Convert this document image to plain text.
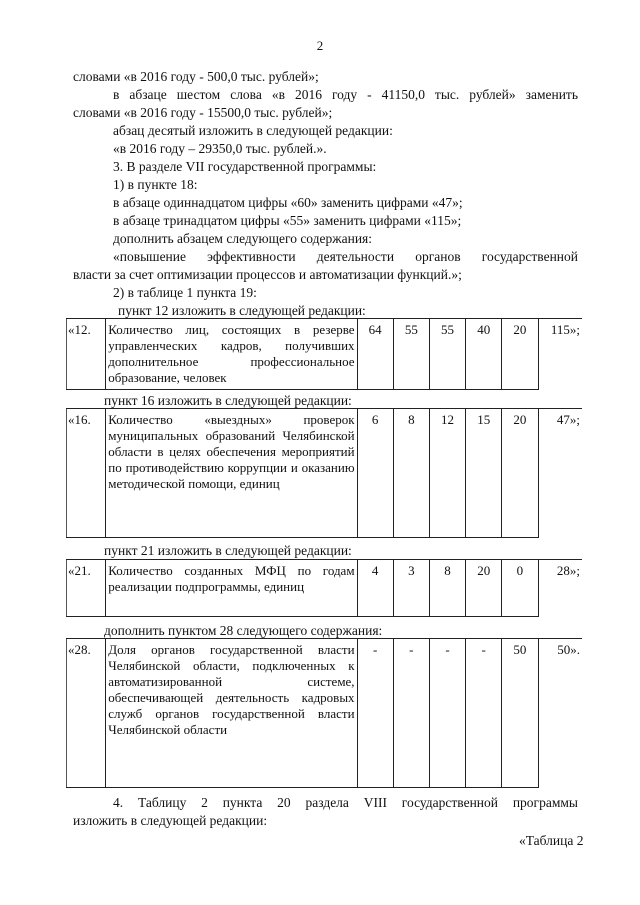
2
словами «в 2016 году - 500,0 тыс. рублей»;
в абзаце шестом слова «в 2016 году - 41150,0 тыс. рублей» заменить
словами «в 2016 году - 15500,0 тыс. рублей»;
абзац десятый изложить в следующей редакции:
«в 2016 году – 29350,0 тыс. рублей.».
3. В разделе VII государственной программы:
1) в пункте 18:
в абзаце одиннадцатом цифры «60» заменить цифрами «47»;
в абзаце тринадцатом цифры «55» заменить цифрами «115»;
дополнить абзацем следующего содержания:
«повышение эффективности деятельности органов государственной
власти за счет оптимизации процессов и автоматизации функций.»;
2) в таблице 1 пункта 19:
пункт 12 изложить в следующей редакции:
«12.	Количество лиц, состоящих в резерве управленческих кадров, получивших дополнительное профессиональное образование, человек	64	55	55	40	20	115»;
пункт 16 изложить в следующей редакции:
«16.	Количество «выездных» проверок муниципальных образований Челябинской области в целях обеспечения мероприятий по противодействию коррупции и оказанию методической помощи, единиц	6	8	12	15	20	47»;
пункт 21 изложить в следующей редакции:
«21.	Количество созданных МФЦ по годам реализации подпрограммы, единиц	4	3	8	20	0	28»;
дополнить пунктом 28 следующего содержания:
«28.	Доля органов государственной власти Челябинской области, подключенных к автоматизированной системе, обеспечивающей деятельность кадровых служб органов государственной власти Челябинской области	-	-	-	-	50	50».
4. Таблицу 2 пункта 20 раздела VIII государственной программы
изложить в следующей редакции:
«Таблица 2
